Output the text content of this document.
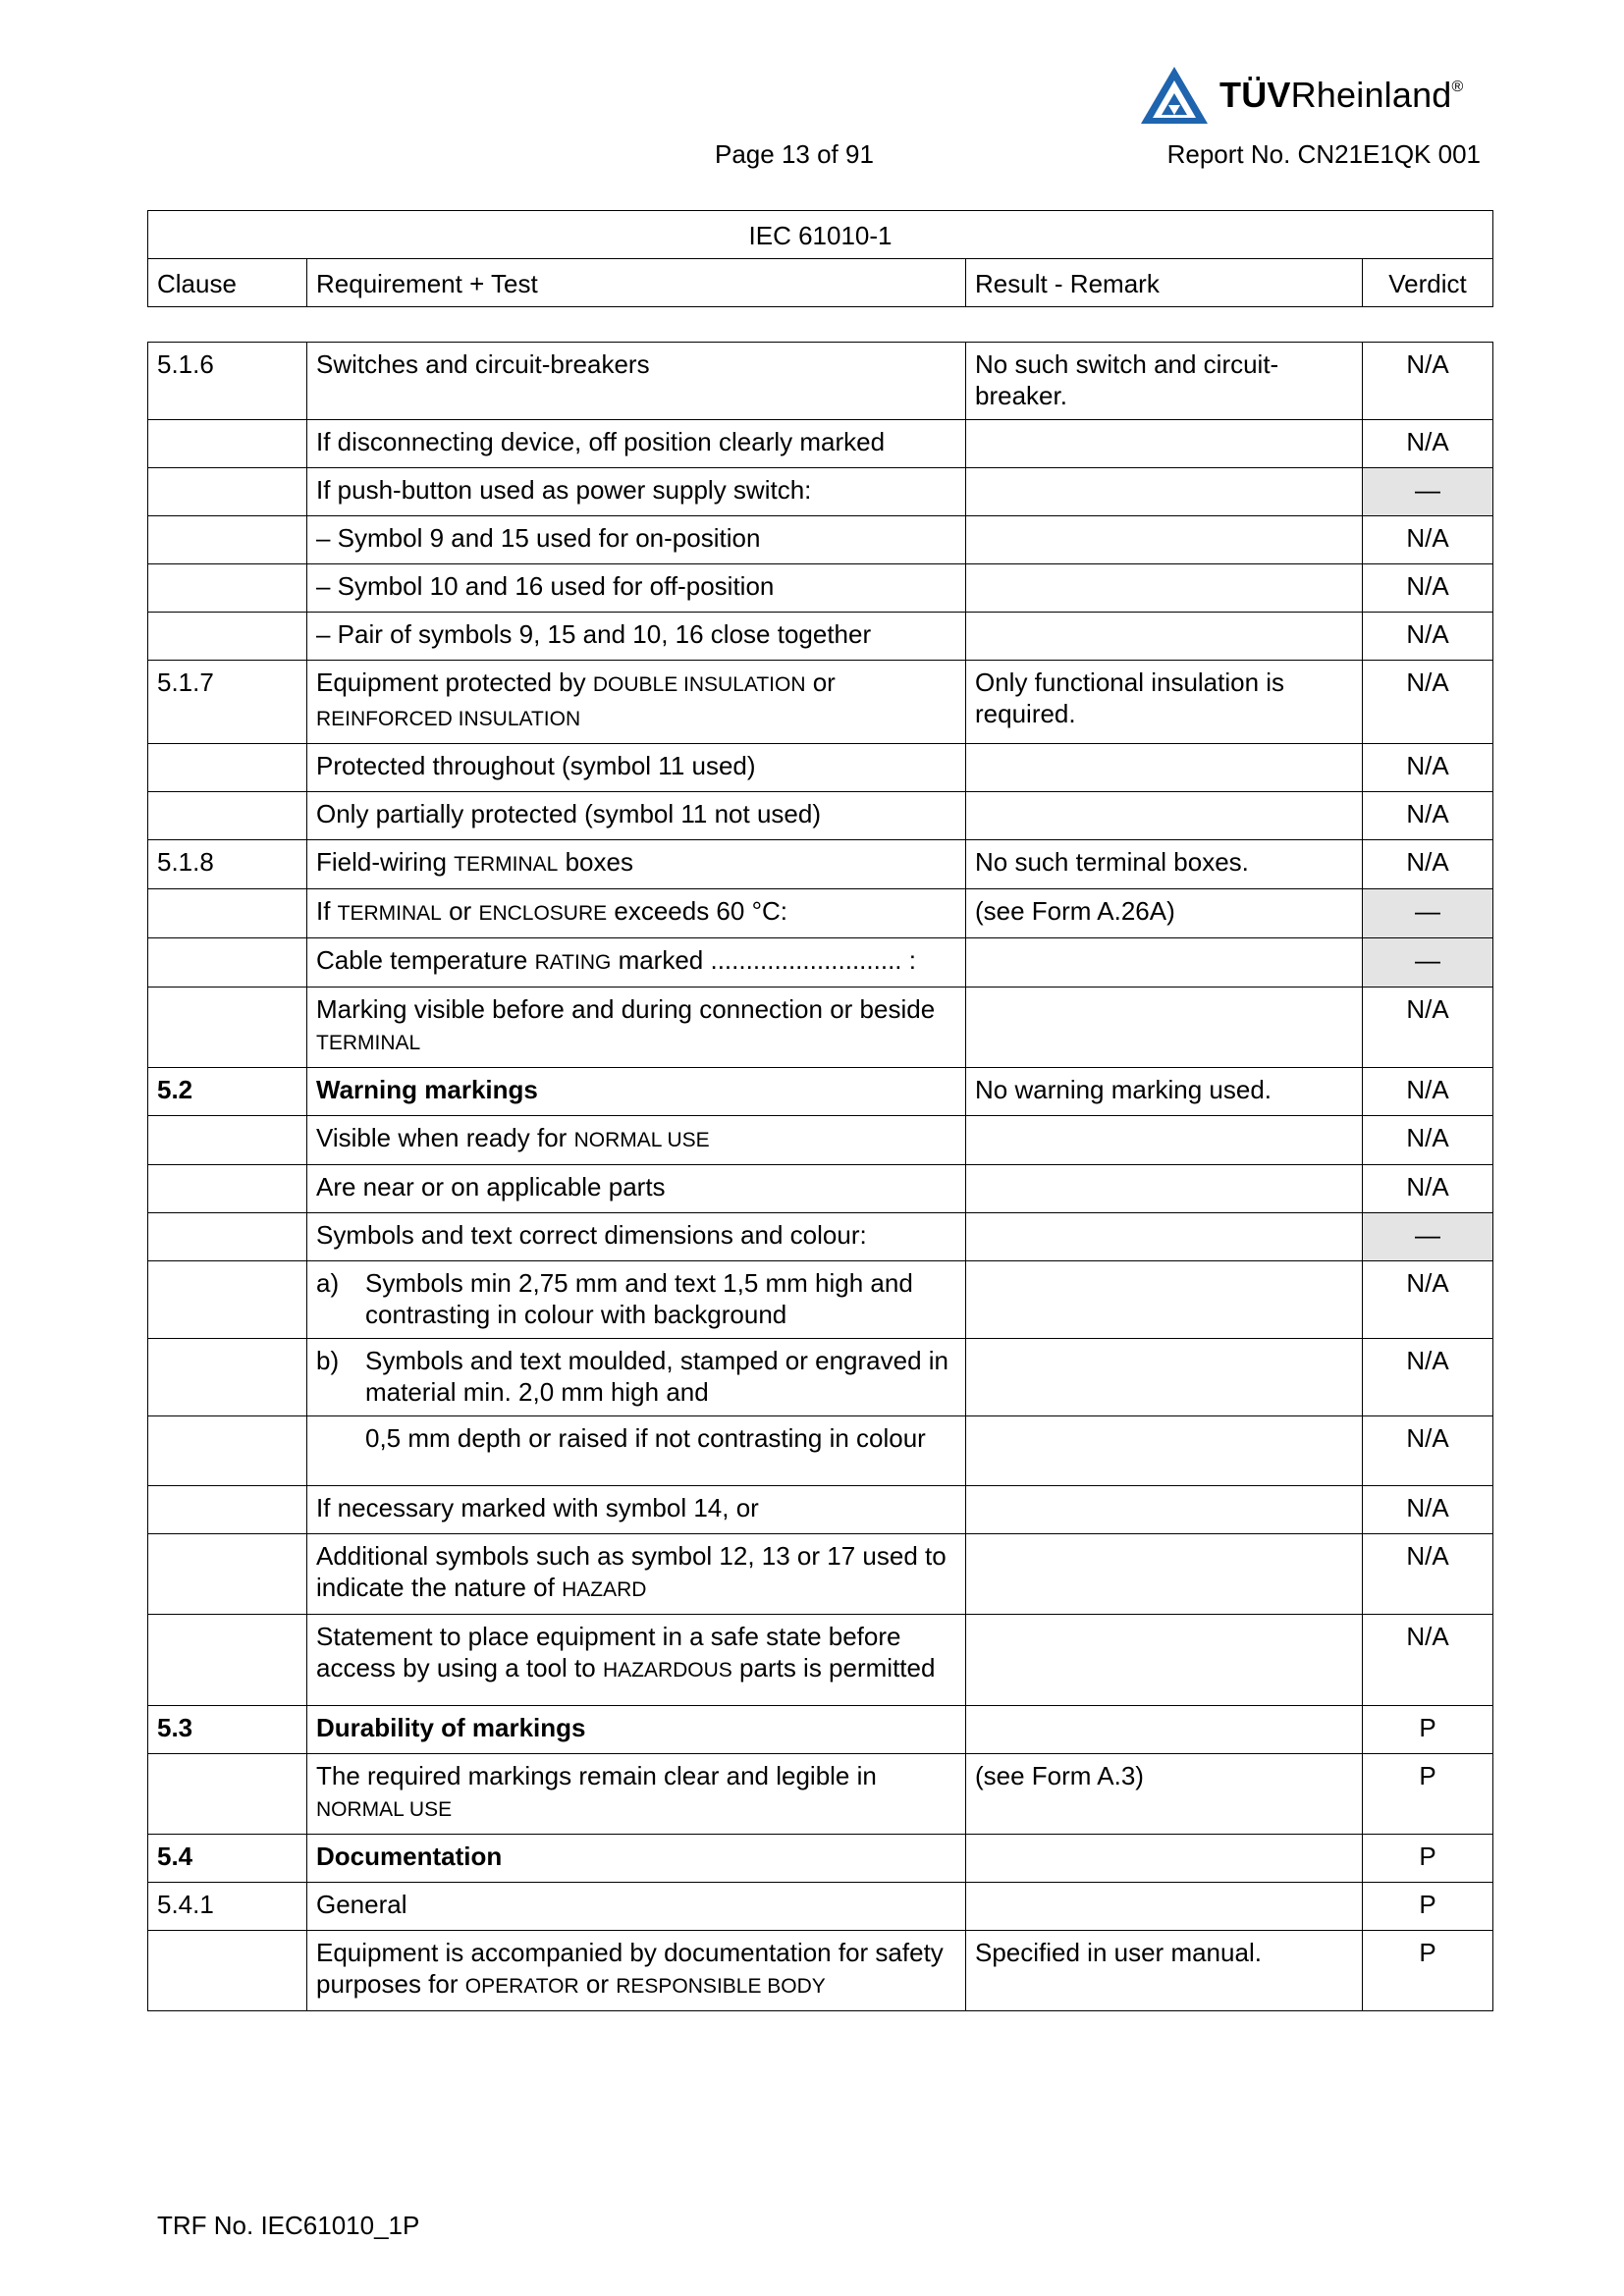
TÜVRheinland®
Page 13 of 91	Report No. CN21E1QK 001
IEC 61010-1
Clause	Requirement + Test	Result - Remark	Verdict
5.1.6	Switches and circuit-breakers	No such switch and circuit-breaker.	N/A
	If disconnecting device, off position clearly marked		N/A
	If push-button used as power supply switch:		—
	– Symbol 9 and 15 used for on-position		N/A
	– Symbol 10 and 16 used for off-position		N/A
	– Pair of symbols 9, 15 and 10, 16 close together		N/A
5.1.7	Equipment protected by DOUBLE INSULATION or REINFORCED INSULATION	Only functional insulation is required.	N/A
	Protected throughout (symbol 11 used)		N/A
	Only partially protected (symbol 11 not used)		N/A
5.1.8	Field-wiring TERMINAL boxes	No such terminal boxes.	N/A
	If TERMINAL or ENCLOSURE exceeds 60 °C:	(see Form A.26A)	—
	Cable temperature RATING marked ........................... :		—
	Marking visible before and during connection or beside TERMINAL		N/A
5.2	Warning markings	No warning marking used.	N/A
	Visible when ready for NORMAL USE		N/A
	Are near or on applicable parts		N/A
	Symbols and text correct dimensions and colour:		—

	a) Symbols min 2,75 mm and text 1,5 mm high and contrasting in colour with background		N/A

	b) Symbols and text moulded, stamped or engraved in material min. 2,0 mm high and		N/A

	0,5 mm depth or raised if not contrasting in colour		N/A
	If necessary marked with symbol 14, or		N/A
	Additional symbols such as symbol 12, 13 or 17 used to indicate the nature of HAZARD		N/A
	Statement to place equipment in a safe state before access by using a tool to HAZARDOUS parts is permitted		N/A
5.3	Durability of markings		P
	The required markings remain clear and legible in NORMAL USE	(see Form A.3)	P
5.4	Documentation		P
5.4.1	General		P
	Equipment is accompanied by documentation for safety purposes for OPERATOR or RESPONSIBLE BODY	Specified in user manual.	P
TRF No. IEC61010_1P
